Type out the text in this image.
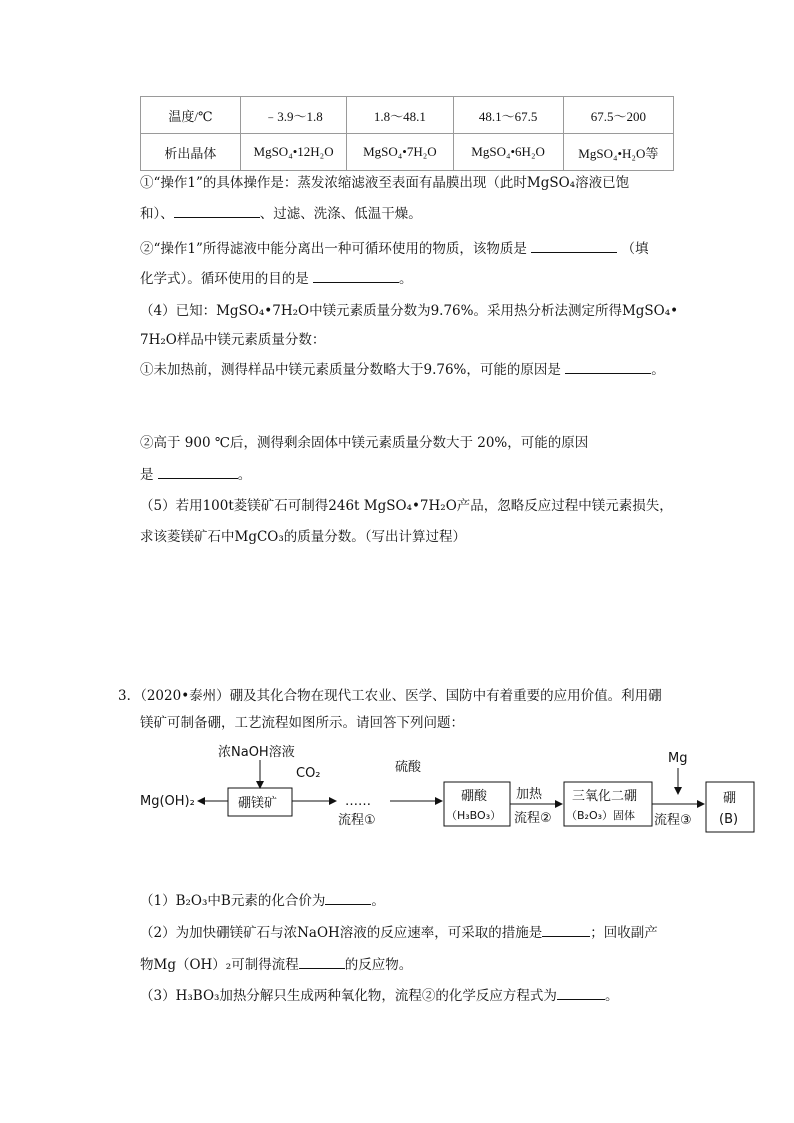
温度/℃	﹣3.9～1.8	1.8～48.1	48.1～67.5	67.5～200
析出晶体	MgSO₄•12H₂O	MgSO₄•7H₂O	MgSO₄•6H₂O	MgSO₄•H₂O等
①“操作1”的具体操作是：蒸发浓缩滤液至表面有晶膜出现（此时MgSO₄溶液已饱
和）、	、过滤、洗涤、低温干燥。
②“操作1”所得滤液中能分离出一种可循环使用的物质，该物质是	（填
化学式）。循环使用的目的是	。
（4）已知：MgSO₄•7H₂O中镁元素质量分数为9.76%。采用热分析法测定所得MgSO₄•
7H₂O样品中镁元素质量分数：
①未加热前，测得样品中镁元素质量分数略大于9.76%，可能的原因是	。
②高于 900 ℃后，测得剩余固体中镁元素质量分数大于 20%，可能的原因
是	。
（5）若用100t菱镁矿石可制得246t MgSO₄•7H₂O产品，忽略反应过程中镁元素损失，
求该菱镁矿石中MgCO₃的质量分数。（写出计算过程）
3．（2020•泰州）硼及其化合物在现代工农业、医学、国防中有着重要的应用价值。利用硼
镁矿可制备硼，工艺流程如图所示。请回答下列问题：
浓NaOH溶液
CO₂
Mg(OH)₂	硼镁矿	……
流程①
硫酸
硼酸
（H₃BO₃）
加热
流程②
三氧化二硼
（B₂O₃）固体
Mg
流程③
硼
(B)
（1）B₂O₃中B元素的化合价为	。
（2）为加快硼镁矿石与浓NaOH溶液的反应速率，可采取的措施是	；回收副产
物Mg（OH）₂可制得流程	的反应物。
（3）H₃BO₃加热分解只生成两种氧化物，流程②的化学反应方程式为	。
